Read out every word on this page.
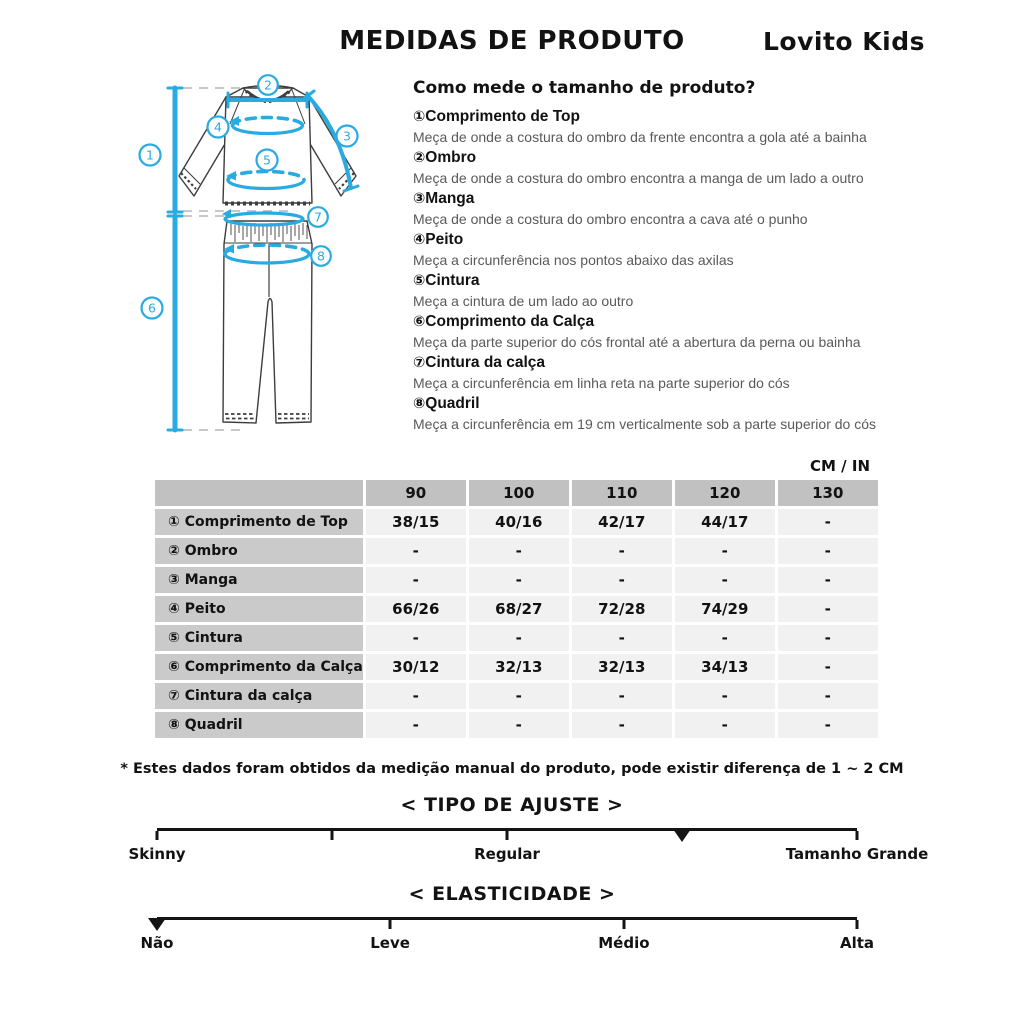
MEDIDAS DE PRODUTO	Lovito Kids
1
2
3
4
5
6
7
8
Como mede o tamanho de produto?
①Comprimento de Top
Meça de onde a costura do ombro da frente encontra a gola até a bainha
②Ombro
Meça de onde a costura do ombro encontra a manga de um lado a outro
③Manga
Meça de onde a costura do ombro encontra a cava até o punho
④Peito
Meça a circunferência nos pontos abaixo das axilas
⑤Cintura
Meça a cintura de um lado ao outro
⑥Comprimento da Calça
Meça da parte superior do cós frontal até a abertura da perna ou bainha
⑦Cintura da calça
Meça a circunferência em linha reta na parte superior do cós
⑧Quadril
Meça a circunferência em 19 cm verticalmente sob a parte superior do cós
CM / IN
	90	100	110	120	130
① Comprimento de Top	38/15	40/16	42/17	44/17	-
② Ombro	-	-	-	-	-
③ Manga	-	-	-	-	-
④ Peito	66/26	68/27	72/28	74/29	-
⑤ Cintura	-	-	-	-	-
⑥ Comprimento da Calça	30/12	32/13	32/13	34/13	-
⑦ Cintura da calça	-	-	-	-	-
⑧ Quadril	-	-	-	-	-
* Estes dados foram obtidos da medição manual do produto, pode existir diferença de 1 ~ 2 CM
< TIPO DE AJUSTE >
Skinny	Regular	Tamanho Grande
< ELASTICIDADE >
Não	Leve	Médio	Alta
